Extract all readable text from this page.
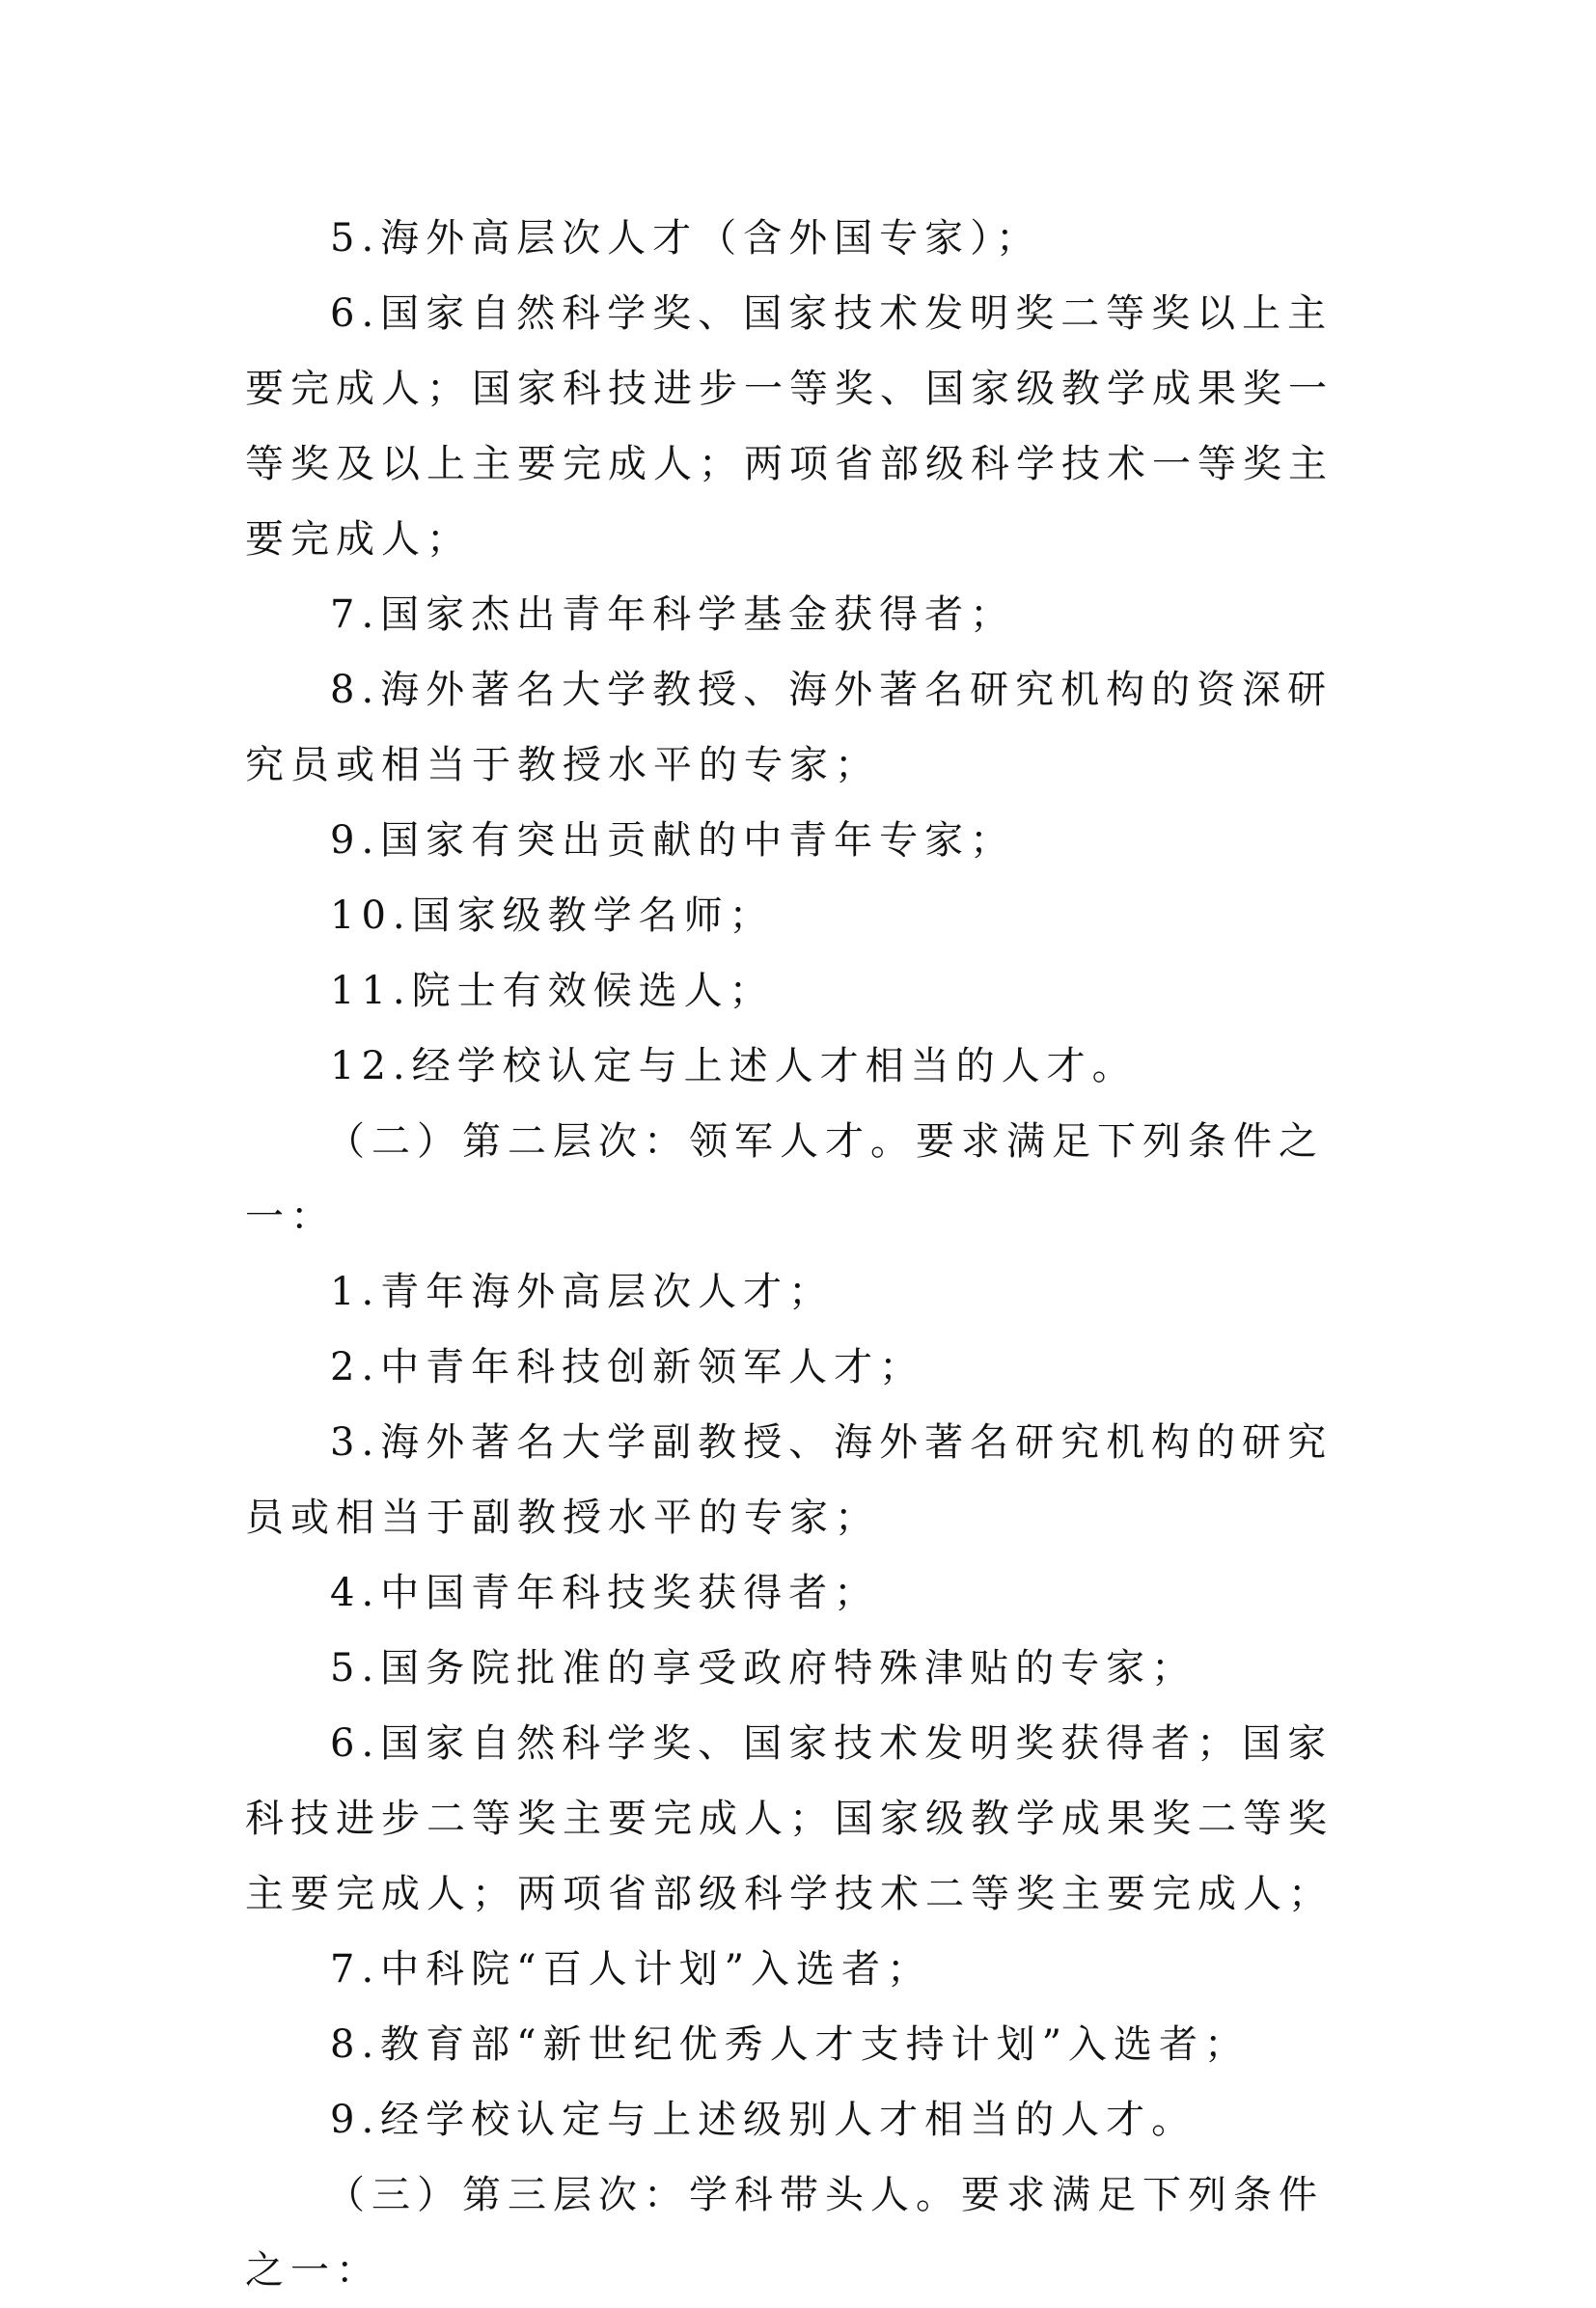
5.海外高层次人才（含外国专家）；

6.国家自然科学奖、国家技术发明奖二等奖以上主要完成人；国家科技进步一等奖、国家级教学成果奖一等奖及以上主要完成人；两项省部级科学技术一等奖主要完成人；

7.国家杰出青年科学基金获得者；

8.海外著名大学教授、海外著名研究机构的资深研究员或相当于教授水平的专家；

9.国家有突出贡献的中青年专家；

10.国家级教学名师；

11.院士有效候选人；

12.经学校认定与上述人才相当的人才。

（二）第二层次：领军人才。要求满足下列条件之一：

1.青年海外高层次人才；

2.中青年科技创新领军人才；

3.海外著名大学副教授、海外著名研究机构的研究员或相当于副教授水平的专家；

4.中国青年科技奖获得者；

5.国务院批准的享受政府特殊津贴的专家；

6.国家自然科学奖、国家技术发明奖获得者；国家科技进步二等奖主要完成人；国家级教学成果奖二等奖主要完成人；两项省部级科学技术二等奖主要完成人；

7.中科院“百人计划”入选者；

8.教育部“新世纪优秀人才支持计划”入选者；

9.经学校认定与上述级别人才相当的人才。

（三）第三层次：学科带头人。要求满足下列条件之一：
